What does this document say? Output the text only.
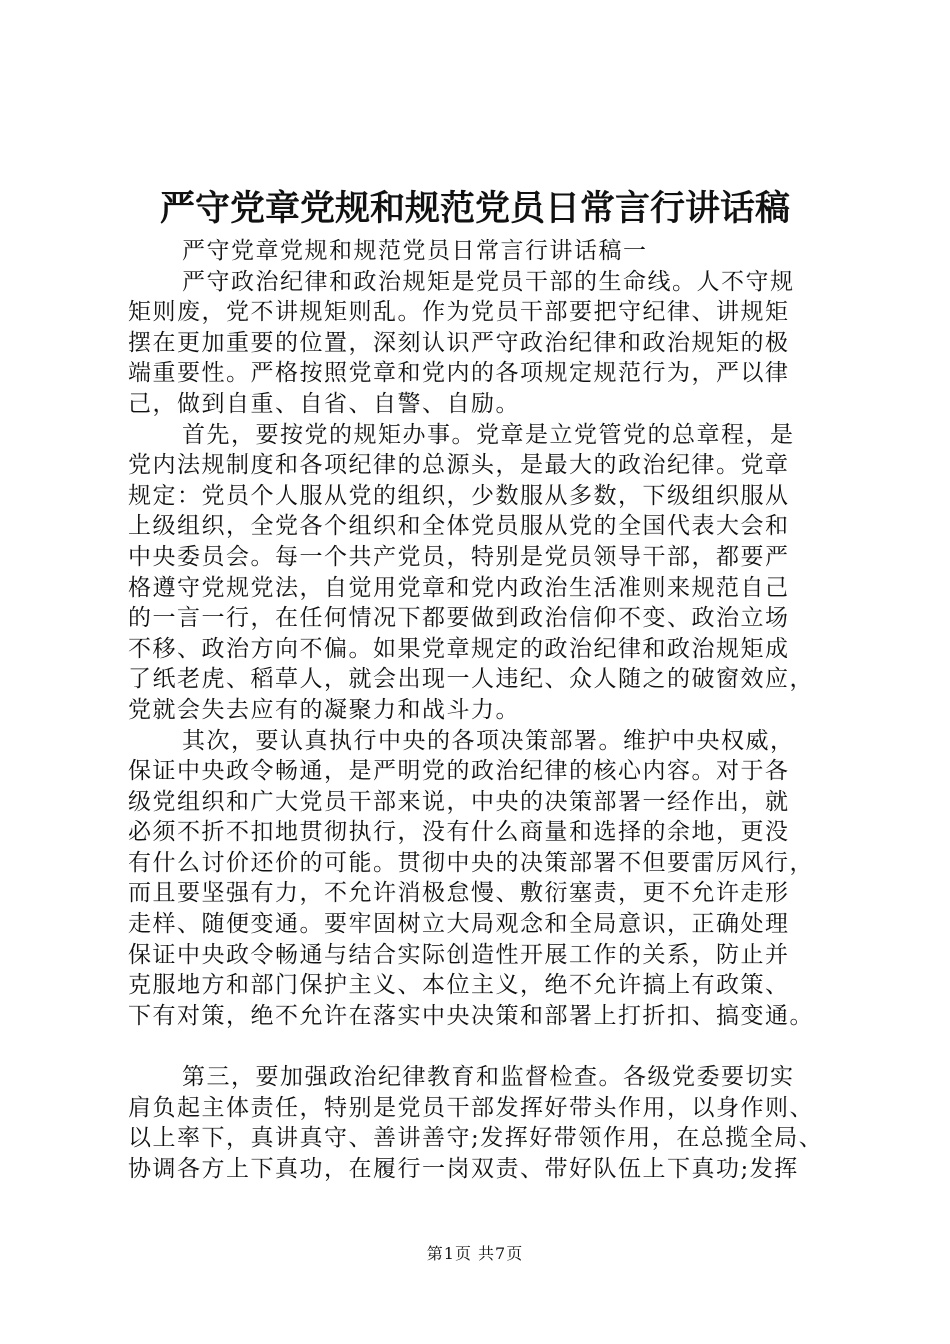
严守党章党规和规范党员日常言行讲话稿
严守党章党规和规范党员日常言行讲话稿一
严守政治纪律和政治规矩是党员干部的生命线。人不守规
矩则废，党不讲规矩则乱。作为党员干部要把守纪律、讲规矩
摆在更加重要的位置，深刻认识严守政治纪律和政治规矩的极
端重要性。严格按照党章和党内的各项规定规范行为，严以律
己，做到自重、自省、自警、自励。
首先，要按党的规矩办事。党章是立党管党的总章程，是
党内法规制度和各项纪律的总源头，是最大的政治纪律。党章
规定：党员个人服从党的组织，少数服从多数，下级组织服从
上级组织，全党各个组织和全体党员服从党的全国代表大会和
中央委员会。每一个共产党员，特别是党员领导干部，都要严
格遵守党规党法，自觉用党章和党内政治生活准则来规范自己
的一言一行，在任何情况下都要做到政治信仰不变、政治立场
不移、政治方向不偏。如果党章规定的政治纪律和政治规矩成
了纸老虎、稻草人，就会出现一人违纪、众人随之的破窗效应，
党就会失去应有的凝聚力和战斗力。
其次，要认真执行中央的各项决策部署。维护中央权威，
保证中央政令畅通，是严明党的政治纪律的核心内容。对于各
级党组织和广大党员干部来说，中央的决策部署一经作出，就
必须不折不扣地贯彻执行，没有什么商量和选择的余地，更没
有什么讨价还价的可能。贯彻中央的决策部署不但要雷厉风行，
而且要坚强有力，不允许消极怠慢、敷衍塞责，更不允许走形
走样、随便变通。要牢固树立大局观念和全局意识，正确处理
保证中央政令畅通与结合实际创造性开展工作的关系，防止并
克服地方和部门保护主义、本位主义，绝不允许搞上有政策、
下有对策，绝不允许在落实中央决策和部署上打折扣、搞变通。
第三，要加强政治纪律教育和监督检查。各级党委要切实
肩负起主体责任，特别是党员干部发挥好带头作用，以身作则、
以上率下，真讲真守、善讲善守;发挥好带领作用，在总揽全局、
协调各方上下真功，在履行一岗双责、带好队伍上下真功;发挥
第1页 共7页
